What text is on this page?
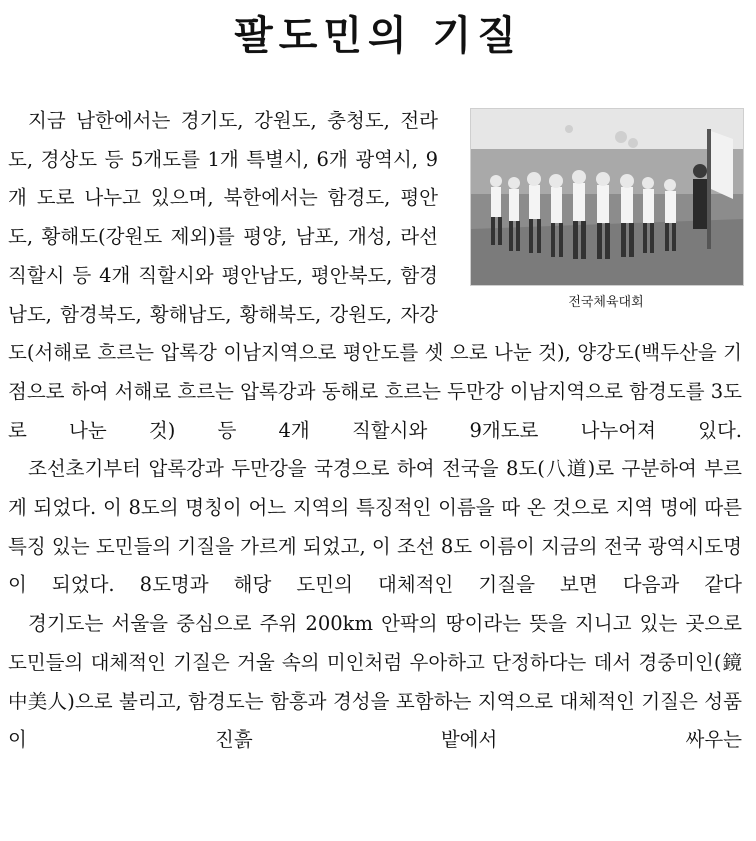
팔도민의 기질

전국체육대회
지금 남한에서는 경기도, 강원도, 충청도, 전라도, 경상도 등 5개도를 1개 특별시, 6개 광역시, 9개 도로 나누고 있으며, 북한에서는 함경도, 평안도, 황해도(강원도 제외)를 평양, 남포, 개성, 라선직할시 등 4개 직할시와 평안남도, 평안북도, 함경남도, 함경북도, 황해남도, 황해북도, 강원도, 자강도(서해로 흐르는 압록강 이남지역으로 평안도를 셋 으로 나눈 것), 양강도(백두산을 기점으로 하여 서해로 흐르는 압록강과 동해로 흐르는 두만강 이남지역으로 함경도를 3도로 나눈 것) 등 4개 직할시와 9개도로 나누어져 있다.

조선초기부터 압록강과 두만강을 국경으로 하여 전국을 8도(八道)로 구분하여 부르게 되었다. 이 8도의 명칭이 어느 지역의 특징적인 이름을 따 온 것으로 지역 명에 따른 특징 있는 도민들의 기질을 가르게 되었고, 이 조선 8도 이름이 지금의 전국 광역시도명이 되었다. 8도명과 해당 도민의 대체적인 기질을 보면 다음과 같다

경기도는 서울을 중심으로 주위 200km 안팍의 땅이라는 뜻을 지니고 있는 곳으로 도민들의 대체적인 기질은 거울 속의 미인처럼 우아하고 단정하다는 데서 경중미인(鏡中美人)으로 불리고, 함경도는 함흥과 경성을 포함하는 지역으로 대체적인 기질은 성품이 진흙 밭에서 싸우는
